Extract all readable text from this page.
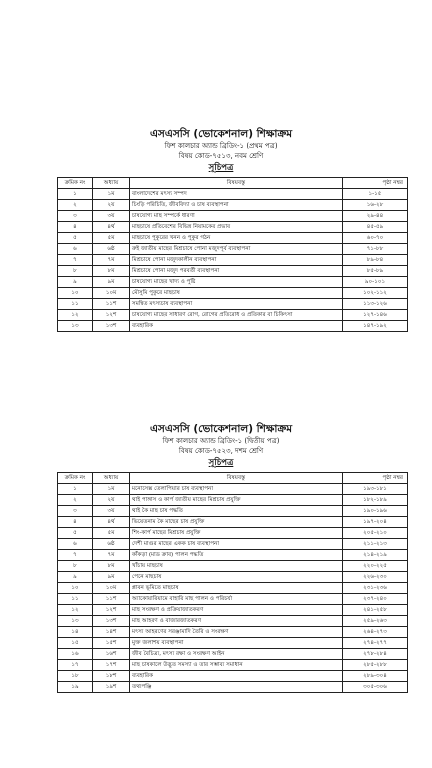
এসএসসি (ভোকেশনাল) শিক্ষাক্রম
ফিশ কালচার অ্যান্ড ব্রিডিং-১ (প্রথম পত্র)
বিষয় কোড-৭৫১৩, নবম শ্রেণি
সূচিপত্র
ক্রমিক নং	অধ্যায়	বিষয়বস্তু	পৃষ্ঠা নম্বর
১	১ম	বাংলাদেশের মৎস্য সম্পদ	১-১৫
২	২য়	চিংড়ি পরিচিতি, জীববিদ্যা ও চাষ ব্যবস্থাপনা	১৬-২৮
৩	৩য়	চাষযোগ্য মাছ সম্পর্কে ধারণা	২৯-৪৪
৪	৪র্থ	মাছচাষে প্রতিবেশের বিভিন্ন নিয়ামকের প্রভাব	৪৫-৫৯
৫	৫ম	মাছচাষে পুকুরের খনন ও পুকুর গঠন	৬০-৭০
৬	৬ষ্ঠ	রুই জাতীয় মাছের মিশ্রচাষে পোনা মজুদপূর্ব ব্যবস্থাপনা	৭১-৮৮
৭	৭ম	মিশ্রচাষে পোনা মজুদকালীন ব্যবস্থাপনা	৮৯-৮৪
৮	৮ম	মিশ্রচাষে পোনা মজুদ পরবর্তী ব্যবস্থাপনা	৮৫-৮৯
৯	৯ম	চাষযোগ্য মাছের খাদ্য ও পুষ্টি	৯০-১০১
১০	১০ম	মৌসুমি পুকুরে মাছচাষ	১০২-১১২
১১	১১শ	সমন্বিত মৎস্যচাষ ব্যবস্থাপনা	১১৩-১২৬
১২	১২শ	চাষযোগ্য মাছের সাধারণ রোগ, রোগের প্রতিরোধ ও প্রতিকার বা চিকিৎসা	১২৭-১৪৬
১৩	১৩শ	ব্যবহারিক	১৪৭-১৯২
এসএসসি (ভোকেশনাল) শিক্ষাক্রম
ফিশ কালচার অ্যান্ড ব্রিডিং-১ (দ্বিতীয় পত্র)
বিষয় কোড-৭৫২৩, দশম শ্রেণি
সূচিপত্র
ক্রমিক নং	অধ্যায়	বিষয়বস্তু	পৃষ্ঠা নম্বর
১	১ম	মনোসেক্স তেলাপিয়ার চাষ ব্যবস্থাপনা	১৯৩-১৮১
২	২য়	থাই পাঙ্গাস ও কার্প জাতীয় মাছের মিশ্রচাষ প্রযুক্তি	১৮২-১৮৯
৩	৩য়	থাই কৈ মাছ চাষ পদ্ধতি	১৯০-১৯৬
৪	৪র্থ	ভিয়েতনাম কৈ মাছের চাষ প্রযুক্তি	১৯৭-২০৪
৫	৫ম	শিং-কার্প মাছের মিশ্রচাষ প্রযুক্তি	২০৫-২১০
৬	৬ষ্ঠ	দেশী মাগুর মাছের একক চাষ ব্যবস্থাপনা	২১১-২১৩
৭	৭ম	কাঁকড়া (মাড ক্রাব) পালন পদ্ধতি	২১৪-২১৯
৮	৮ম	খাঁচায় মাছচাষ	২২০-২২৫
৯	৯ম	পেনে মাছচাষ	২২৬-২৩০
১০	১০ম	প্লাবন ভূমিতে মাছচাষ	২৩১-২৩৬
১১	১১শ	অ্যাকোয়ারিয়ামে বাহারি মাছ পালন ও পরিচর্যা	২৩৭-২৪০
১২	১২শ	মাছ সংরক্ষণ ও প্রক্রিয়াজাতকরণ	২৪১-২৫৮
১৩	১৩শ	মাছ আহরণ ও বাজারজাতকরণ	২৫৯-২৬৩
১৪	১৪শ	মৎস্য আহরণের সরঞ্জামাদি তৈরি ও সংরক্ষণ	২৬৪-২৭৩
১৫	১৫শ	মুক্ত জলাশয় ব্যবস্থাপনা	২৭৪-২৭৭
১৬	১৬শ	জীব বৈচিত্র্য, মৎস্য রক্ষা ও সংরক্ষণ আইন	২৭৮-২৮৪
১৭	১৭শ	মাছ চাষকালে উদ্ভূত সমস্যা ও তার সম্ভাব্য সমাধান	২৮৫-২৮৮
১৮	১৮শ	ব্যবহারিক	২৮৯-৩০৪
১৯	১৯শ	তথ্যপঞ্জি	৩০৫-৩০৬
